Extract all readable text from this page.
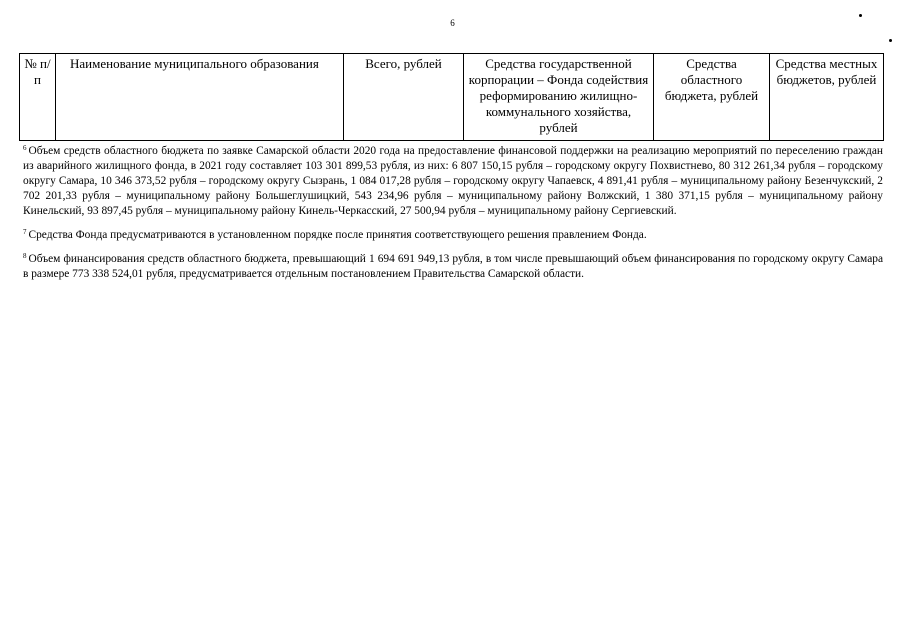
6
№ п/п	Наименование муниципального образования	Всего, рублей	Средства государственной корпорации – Фонда содействия реформированию жилищно-коммунального хозяйства, рублей	Средства областного бюджета, рублей	Средства местных бюджетов, рублей

$^6$ Объем средств областного бюджета по заявке Самарской области 2020 года на предоставление финансовой поддержки на реализацию мероприятий по переселению граждан из аварийного жилищного фонда, в 2021 году составляет 103 301 899,53 рубля, из них: 6 807 150,15 рубля – городскому округу Похвистнево, 80 312 261,34 рубля – городскому округу Самара, 10 346 373,52 рубля – городскому округу Сызрань, 1 084 017,28 рубля – городскому округу Чапаевск, 4 891,41 рубля – муниципальному району Безенчукский, 2 702 201,33 рубля – муниципальному району Большеглушицкий, 543 234,96 рубля – муниципальному району Волжский, 1 380 371,15 рубля – муниципальному району Кинельский, 93 897,45 рубля – муниципальному району Кинель-Черкасский, 27 500,94 рубля – муниципальному району Сергиевский.

$^7$ Средства Фонда предусматриваются в установленном порядке после принятия соответствующего решения правлением Фонда.

$^8$ Объем финансирования средств областного бюджета, превышающий 1 694 691 949,13 рубля, в том числе превышающий объем финансирования по городскому округу Самара в размере 773 338 524,01 рубля, предусматривается отдельным постановлением Правительства Самарской области.
